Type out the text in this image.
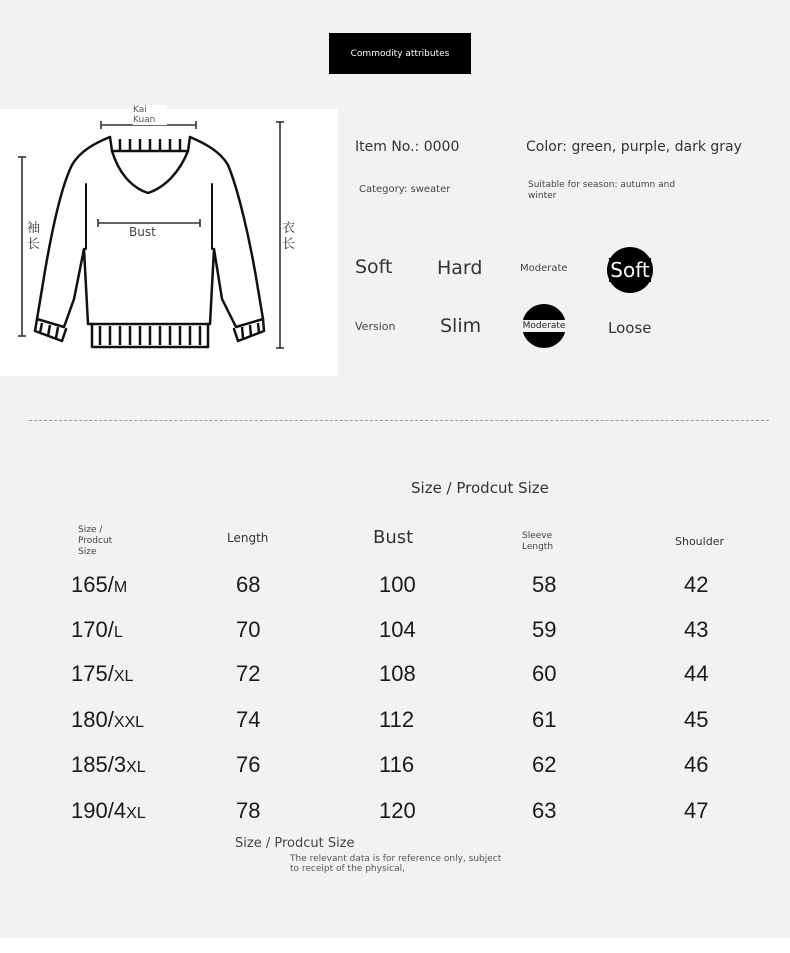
Commodity attributes
Kai Kuan
Bust
袖
长
衣
长
Item No.: 0000	Color: green, purple, dark gray
Category: sweater	Suitable for season: autumn and winter
Soft Hard	Moderate Soft
Version Slim	Moderate	Loose
Size / Prodcut Size
Size / Prodcut Size
Length	Bust	Sleeve Length	Shoulder
165/M	68	100	58	42
170/L	70	104	59	43
175/XL	72	108	60	44
180/XXL	74	112	61	45
185/3XL	76	116	62	46
190/4XL	78	120	63	47
Size / Prodcut Size
The relevant data is for reference only, subject to receipt of the physical,
